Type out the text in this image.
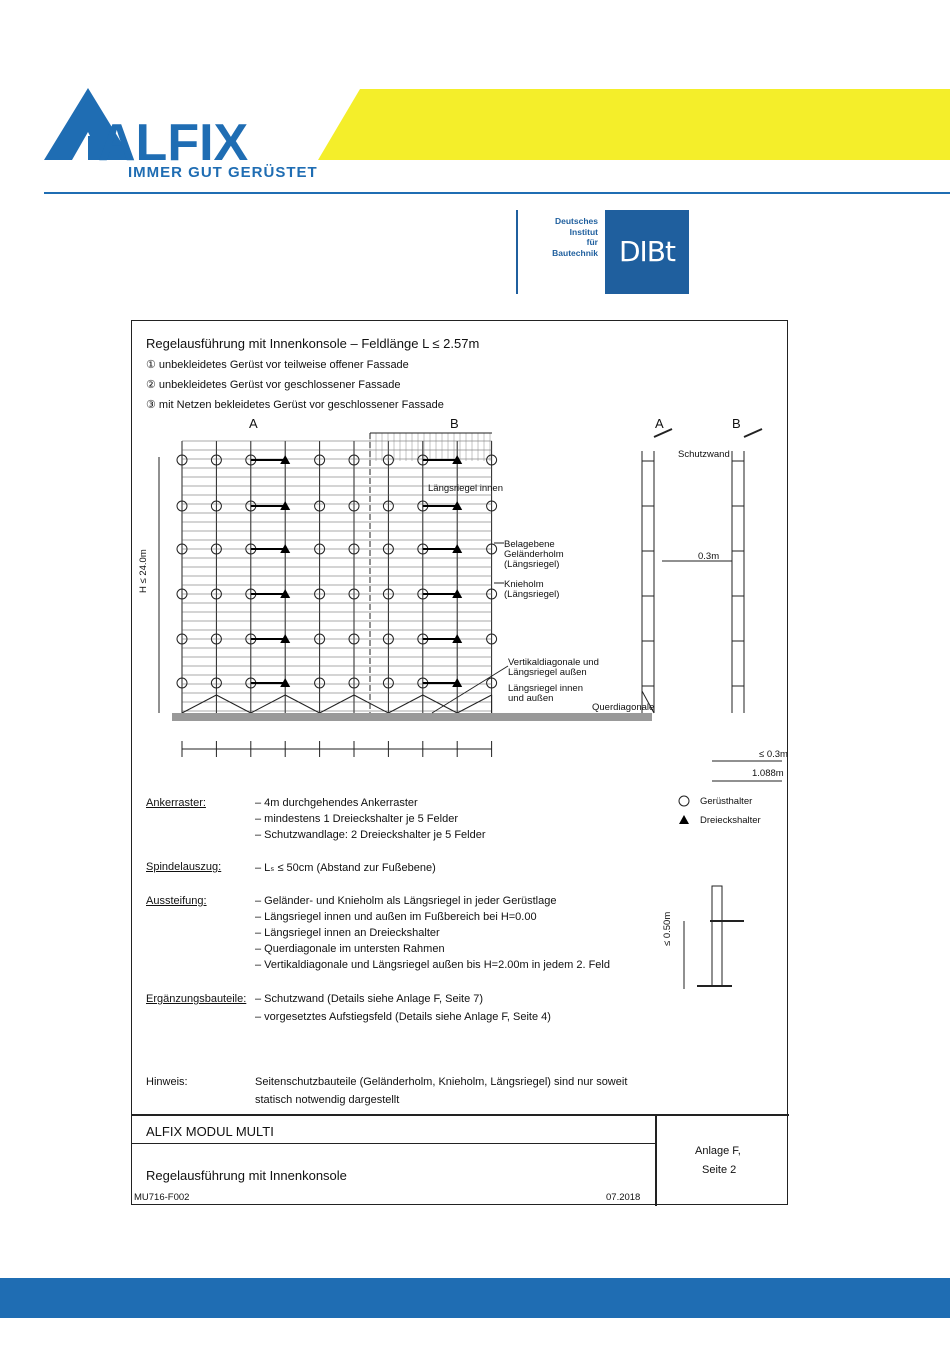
ALFIX
IMMER GUT GERÜSTET
Deutsches
Institut
für
Bautechnik DIBt
Regelausführung mit Innenkonsole – Feldlänge L ≤ 2.57m
① unbekleidetes Gerüst vor teilweise offener Fassade
② unbekleidetes Gerüst vor geschlossener Fassade
③ mit Netzen bekleidetes Gerüst vor geschlossener Fassade
A	B	A	B
H ≤ 24.0m
Längsriegel innen
Belagebene
Geländerholm
(Längsriegel)
Knieholm
(Längsriegel)
Vertikaldiagonale und
Längsriegel außen
Längsriegel innen
und außen
Schutzwand
0.3m
Querdiagonale
≤ 0.3m
1.088m
Gerüsthalter
Dreieckshalter
Ankerraster:	– 4m durchgehendes Ankerraster
– mindestens 1 Dreieckshalter je 5 Felder
– Schutzwandlage: 2 Dreieckshalter je 5 Felder
Spindelauszug:	– Lₛ ≤ 50cm (Abstand zur Fußebene)
Aussteifung:	– Geländer- und Knieholm als Längsriegel in jeder Gerüstlage
– Längsriegel innen und außen im Fußbereich bei H=0.00
– Längsriegel innen an Dreieckshalter
– Querdiagonale im untersten Rahmen
– Vertikaldiagonale und Längsriegel außen bis H=2.00m in jedem 2. Feld
Ergänzungsbauteile: – Schutzwand (Details siehe Anlage F, Seite 7)
– vorgesetztes Aufstiegsfeld (Details siehe Anlage F, Seite 4)
≤ 0.50m
Hinweis:	Seitenschutzbauteile (Geländerholm, Knieholm, Längsriegel) sind nur soweit
statisch notwendig dargestellt
ALFIX MODUL MULTI
Regelausführung mit Innenkonsole
MU716-F002	07.2018
Anlage F,
Seite 2
